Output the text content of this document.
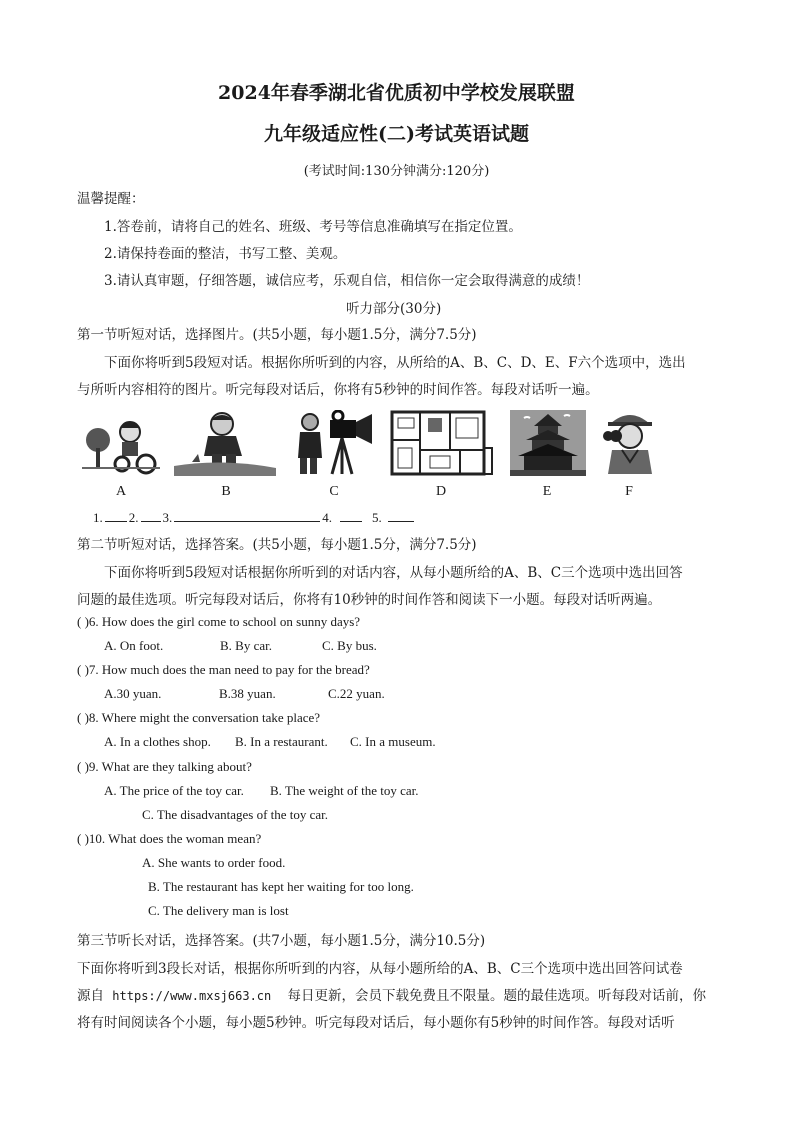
2024年春季湖北省优质初中学校发展联盟
九年级适应性(二)考试英语试题
(考试时间:130分钟满分:120分)
温馨提醒：
1.答卷前，请将自己的姓名、班级、考号等信息准确填写在指定位置。
2.请保持卷面的整洁，书写工整、美观。
3.请认真审题，仔细答题，诚信应考，乐观自信，相信你一定会取得满意的成绩！
听力部分(30分)
第一节听短对话，选择图片。(共5小题，每小题1.5分，满分7.5分)
下面你将听到5段短对话。根据你所听到的内容，从所给的A、B、C、D、E、F六个选项中，选出
与所听内容相符的图片。听完每段对话后，你将有5秒钟的时间作答。每段对话听一遍。
A	B	C	D	E	F
1. 2. 3.	4.	5.
第二节听短对话，选择答案。(共5小题，每小题1.5分，满分7.5分)
下面你将听到5段短对话根据你所听到的对话内容，从每小题所给的A、B、C三个选项中选出回答
问题的最佳选项。听完每段对话后，你将有10秒钟的时间作答和阅读下一小题。每段对话听两遍。
( )6. How does the girl come to school on sunny days?
A. On foot.	B. By car.	C. By bus.
( )7. How much does the man need to pay for the bread?
A.30 yuan.	B.38 yuan.	C.22 yuan.
( )8. Where might the conversation take place?
A. In a clothes shop. B. In a restaurant. C. In a museum.
( )9. What are they talking about?
A. The price of the toy car. B. The weight of the toy car.
C. The disadvantages of the toy car.
( )10. What does the woman mean?
A. She wants to order food.
B. The restaurant has kept her waiting for too long.
C. The delivery man is lost
第三节听长对话，选择答案。(共7小题，每小题1.5分，满分10.5分)
下面你将听到3段长对话，根据你所听到的内容，从每小题所给的A、B、C三个选项中选出回答问试卷
源自 https://www.mxsj663.cn 每日更新，会员下载免费且不限量。题的最佳选项。听每段对话前，你
将有时间阅读各个小题，每小题5秒钟。听完每段对话后，每小题你有5秒钟的时间作答。每段对话听
